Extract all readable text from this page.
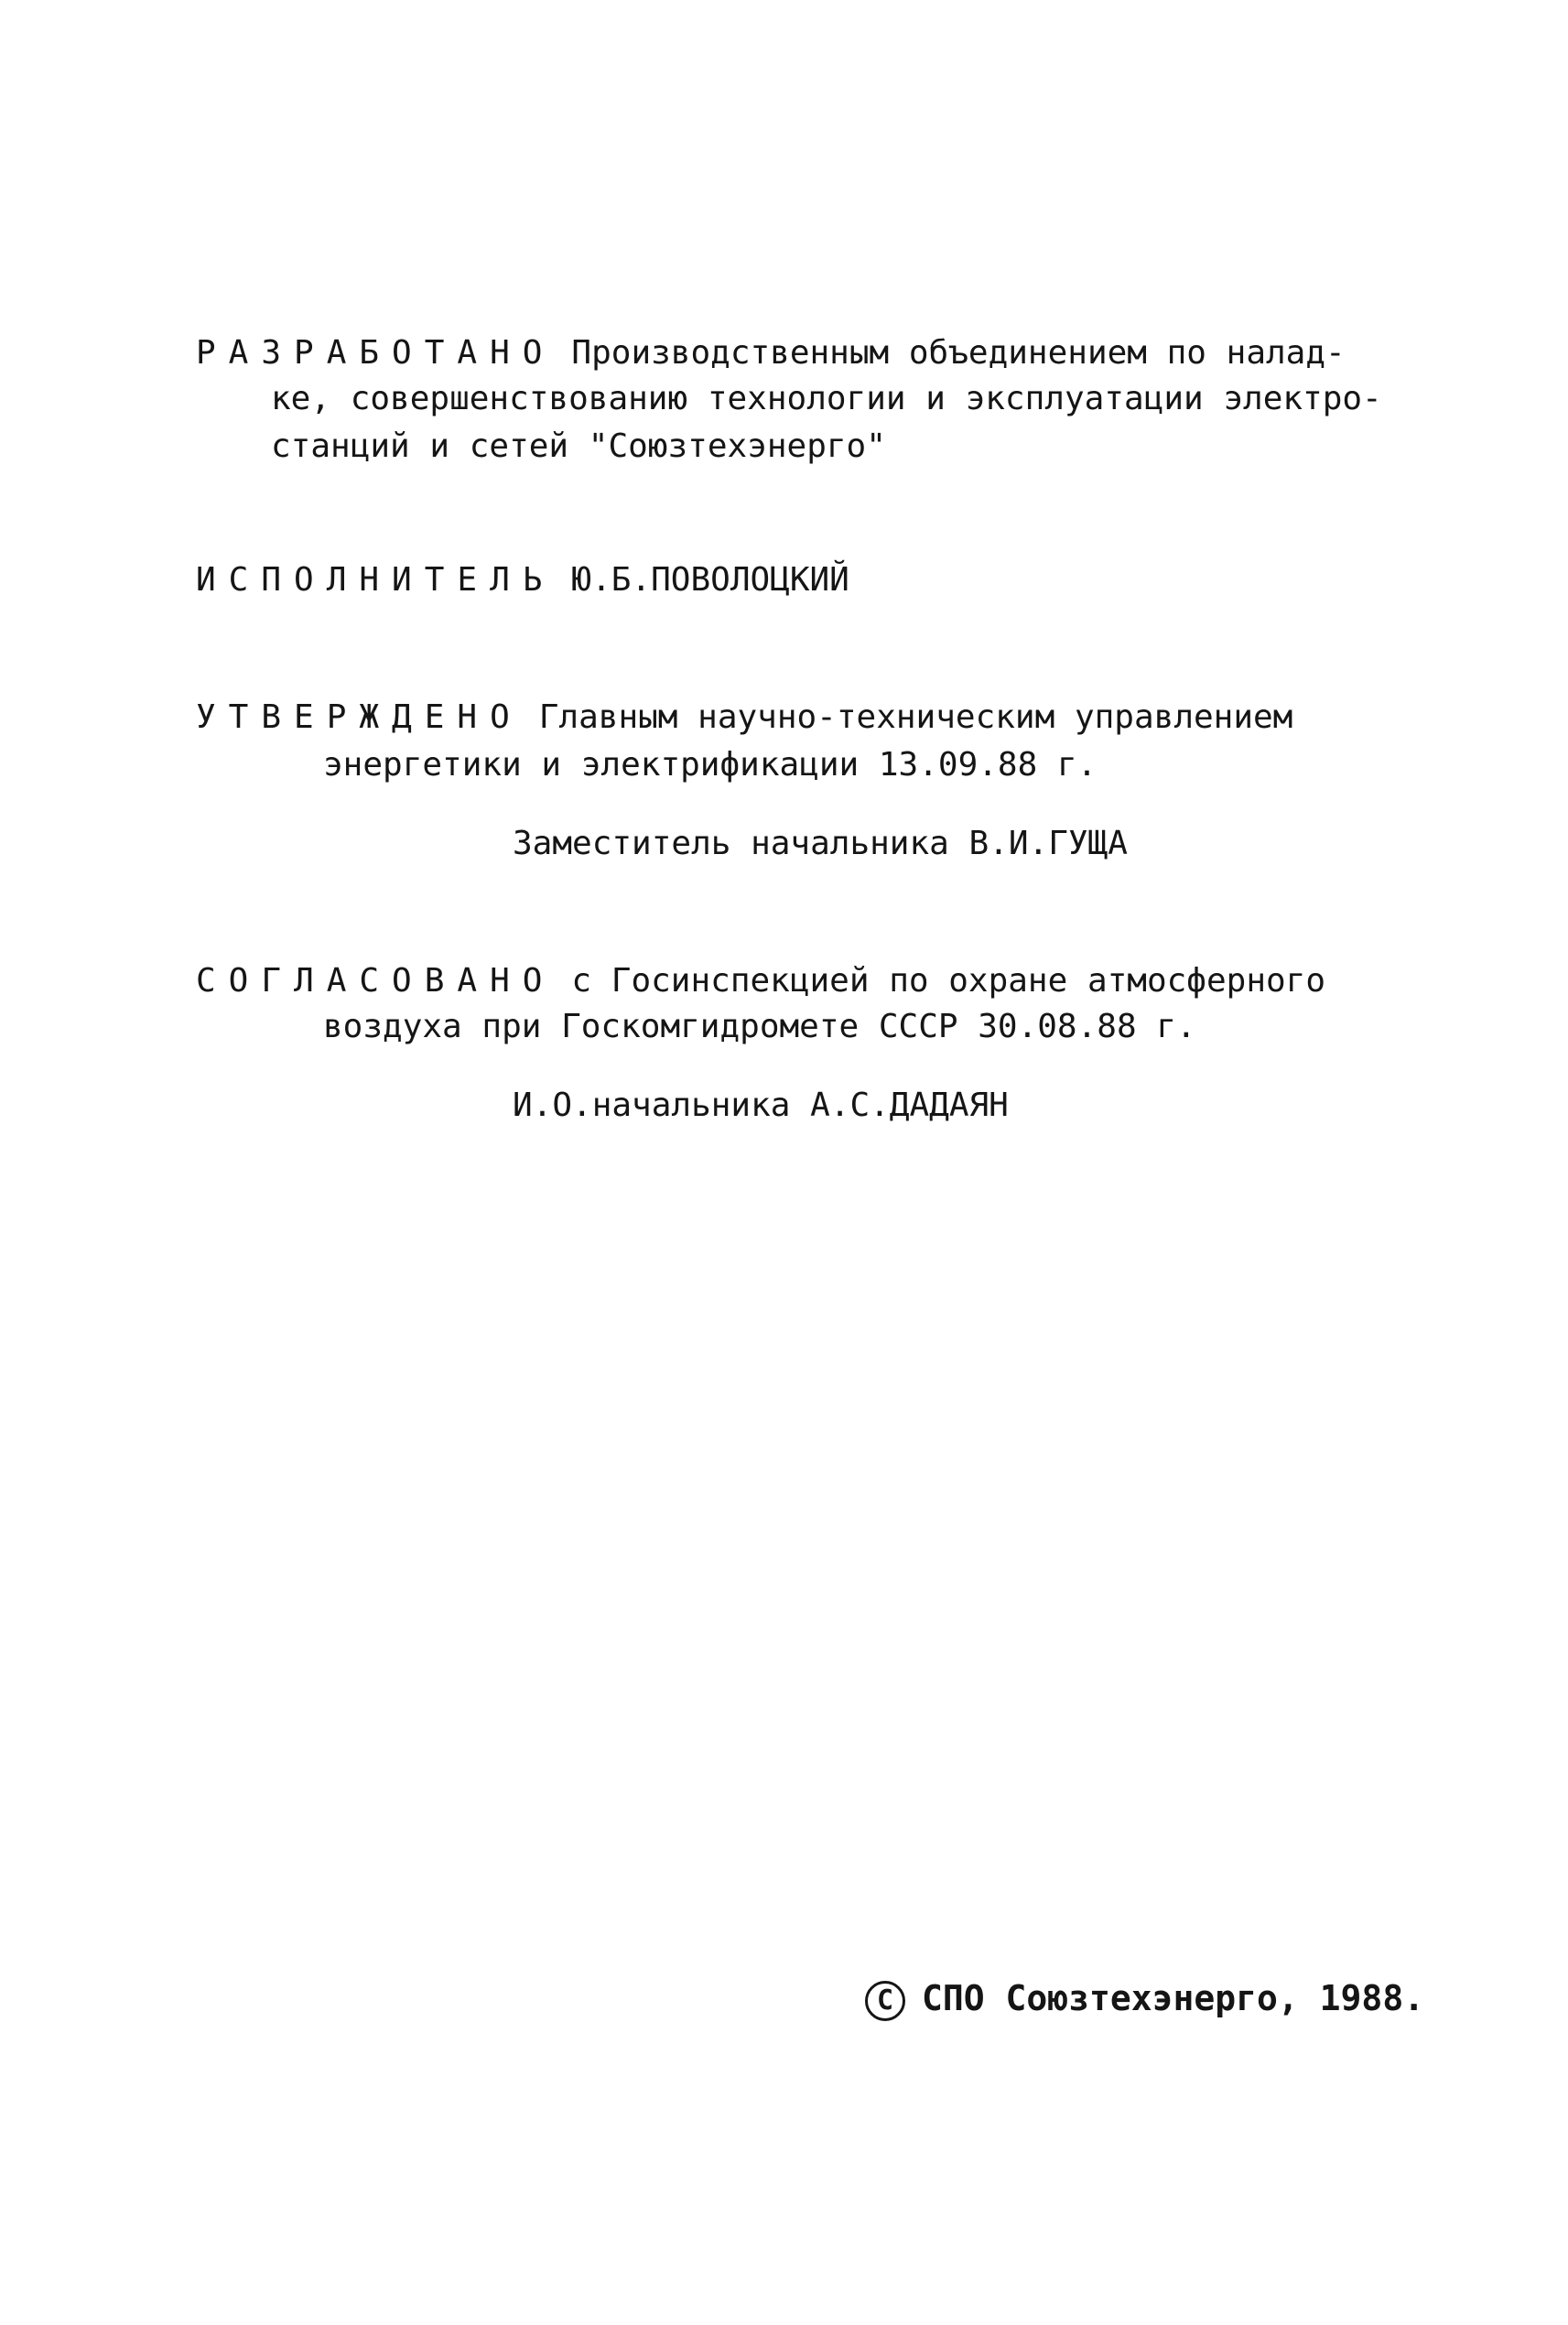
РАЗРАБОТАНО Производственным объединением по налад-
ке, совершенствованию технологии и эксплуатации электро-
станций и сетей "Союзтехэнерго"
ИСПОЛНИТЕЛЬ Ю.Б.ПОВОЛОЦКИЙ
УТВЕРЖДЕНО Главным научно-техническим управлением
энергетики и электрификации 13.09.88 г.
Заместитель начальника В.И.ГУЩА
СОГЛАСОВАНО с Госинспекцией по охране атмосферного
воздуха при Госкомгидромете СССР 30.08.88 г.
И.О.начальника А.С.ДАДАЯН
C СПО Союзтехэнерго, 1988.
